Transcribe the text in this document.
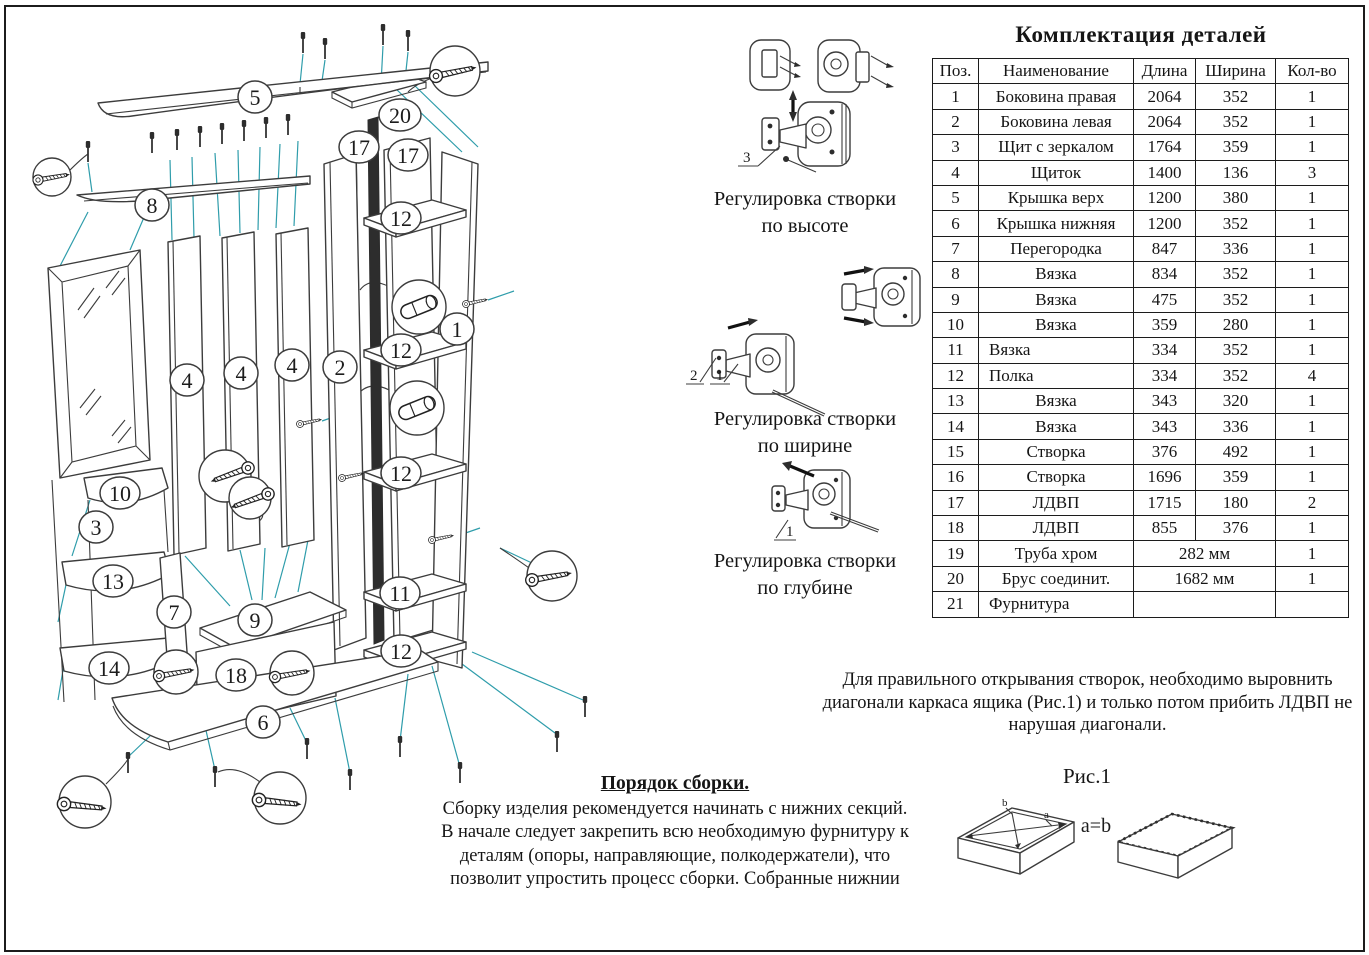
5
20
17 17
8
12
1
12
12
11
12
4 4 4 2
10
3
13
7
14
9
18
6
3
2 1
1
Регулировка створки
по высоте
Регулировка створки
по ширине
Регулировка створки
по глубине
Комплектация деталей
Поз.	Наименование	Длина	Ширина	Кол-во
1	Боковина правая	2064	352	1
2	Боковина левая	2064	352	1
3	Щит с зеркалом	1764	359	1
4	Щиток	1400	136	3
5	Крышка верх	1200	380	1
6	Крышка нижняя	1200	352	1
7	Перегородка	847	336	1
8	Вязка	834	352	1
9	Вязка	475	352	1
10	Вязка	359	280	1
11	Вязка	334	352	1
12	Полка	334	352	4
13	Вязка	343	320	1
14	Вязка	343	336	1
15	Створка	376	492	1
16	Створка	1696	359	1
17	ЛДВП	1715	180	2
18	ЛДВП	855	376	1
19	Труба хром	282 мм		1
20	Брус соединит.	1682 мм		1
21	Фурнитура			
Для правильного открывания створок, необходимо выровнить диагонали каркаса ящика (Рис.1) и только потом прибить ЛДВП не нарушая диагонали.
Рис.1
b
a a=b
Порядок сборки.
Сборку изделия рекомендуется начинать с нижних секций. В начале следует закрепить всю необходимую фурнитуру к деталям (опоры, направляющие, полкодержатели), что позволит упростить процесс сборки. Собранные нижнии
